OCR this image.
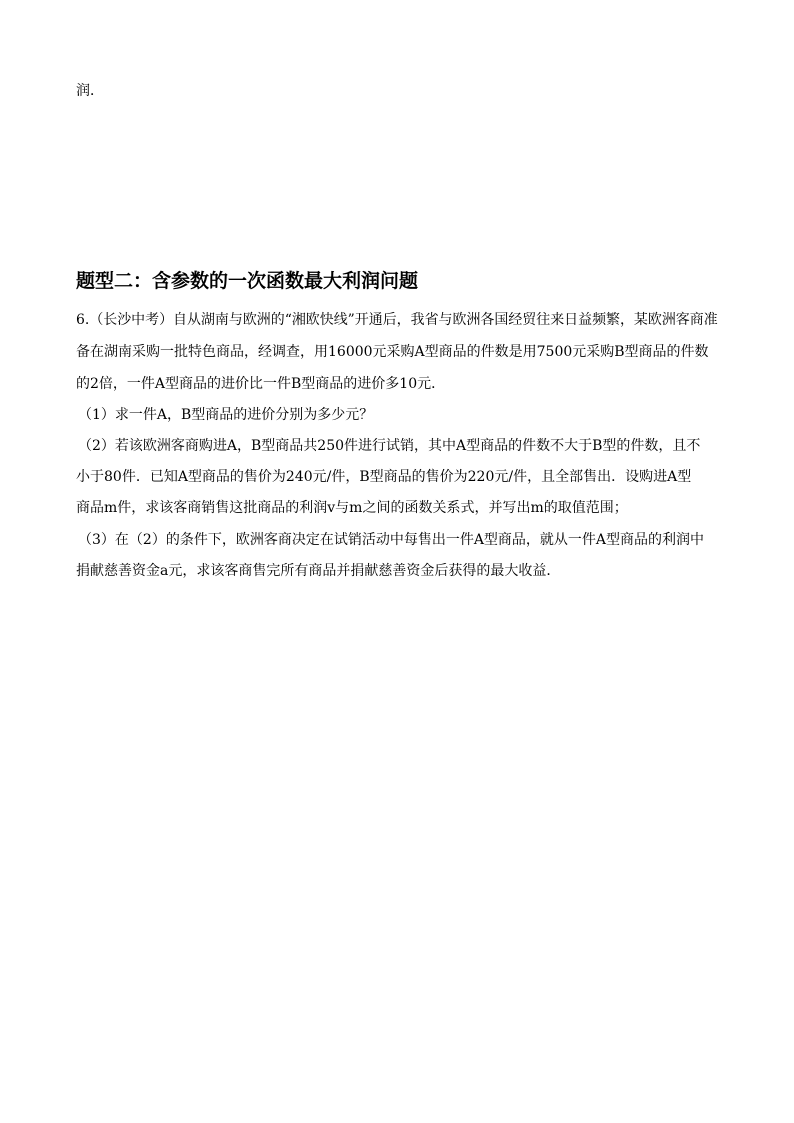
润．
题型二：含参数的一次函数最大利润问题
6.（长沙中考）自从湖南与欧洲的“湘欧快线”开通后，我省与欧洲各国经贸往来日益频繁，某欧洲客商准
备在湖南采购一批特色商品，经调查，用16000元采购A型商品的件数是用7500元采购B型商品的件数
的2倍，一件A型商品的进价比一件B型商品的进价多10元．
（1）求一件A，B型商品的进价分别为多少元？
（2）若该欧洲客商购进A，B型商品共250件进行试销，其中A型商品的件数不大于B型的件数，且不
小于80件．已知A型商品的售价为240元/件，B型商品的售价为220元/件，且全部售出．设购进A型
商品m件，求该客商销售这批商品的利润v与m之间的函数关系式，并写出m的取值范围；
（3）在（2）的条件下，欧洲客商决定在试销活动中每售出一件A型商品，就从一件A型商品的利润中
捐献慈善资金a元，求该客商售完所有商品并捐献慈善资金后获得的最大收益．
